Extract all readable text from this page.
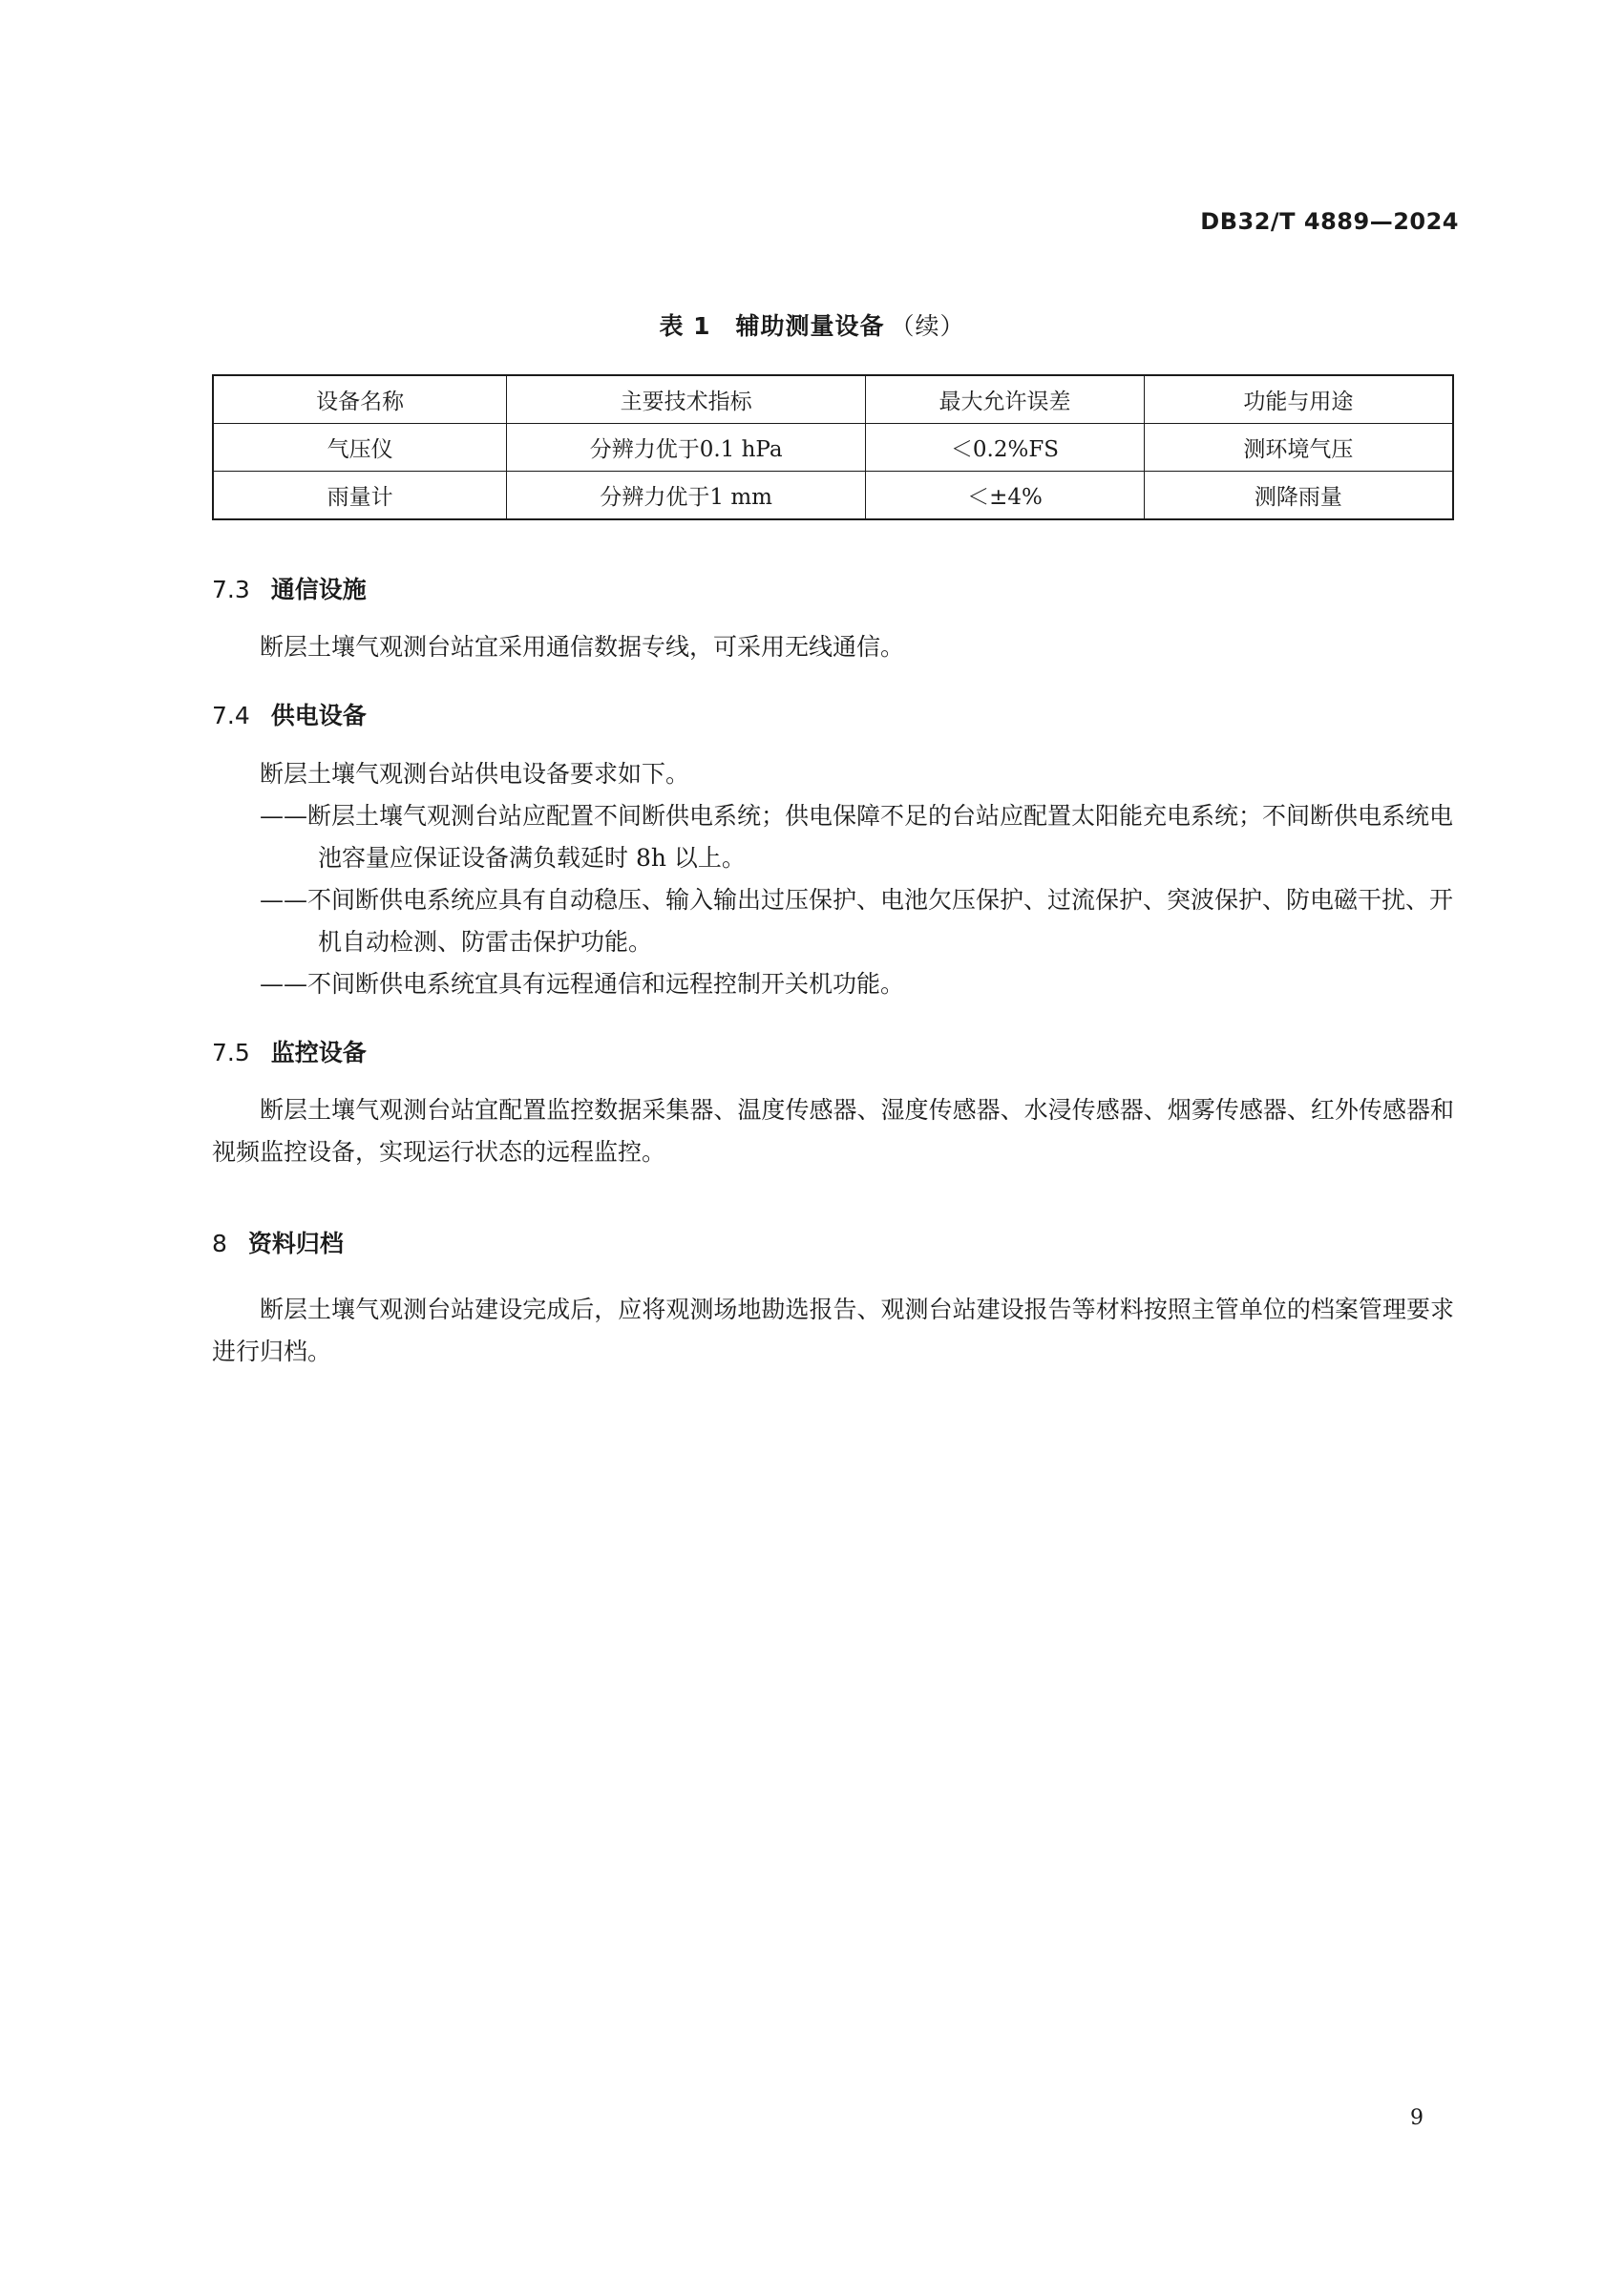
DB32/T 4889—2024
表 1　辅助测量设备 （续）
设备名称	主要技术指标	最大允许误差	功能与用途
气压仪	分辨力优于0.1 hPa	＜0.2%FS	测环境气压
雨量计	分辨力优于1 mm	＜±4%	测降雨量
7.3 通信设施
断层土壤气观测台站宜采用通信数据专线，可采用无线通信。
7.4 供电设备
断层土壤气观测台站供电设备要求如下。
——断层土壤气观测台站应配置不间断供电系统；供电保障不足的台站应配置太阳能充电系统；不间断供电系统电池容量应保证设备满负载延时 8h 以上。
——不间断供电系统应具有自动稳压、输入输出过压保护、电池欠压保护、过流保护、突波保护、防电磁干扰、开机自动检测、防雷击保护功能。
——不间断供电系统宜具有远程通信和远程控制开关机功能。
7.5 监控设备
断层土壤气观测台站宜配置监控数据采集器、温度传感器、湿度传感器、水浸传感器、烟雾传感器、红外传感器和视频监控设备，实现运行状态的远程监控。
8 资料归档
断层土壤气观测台站建设完成后，应将观测场地勘选报告、观测台站建设报告等材料按照主管单位的档案管理要求进行归档。
9
